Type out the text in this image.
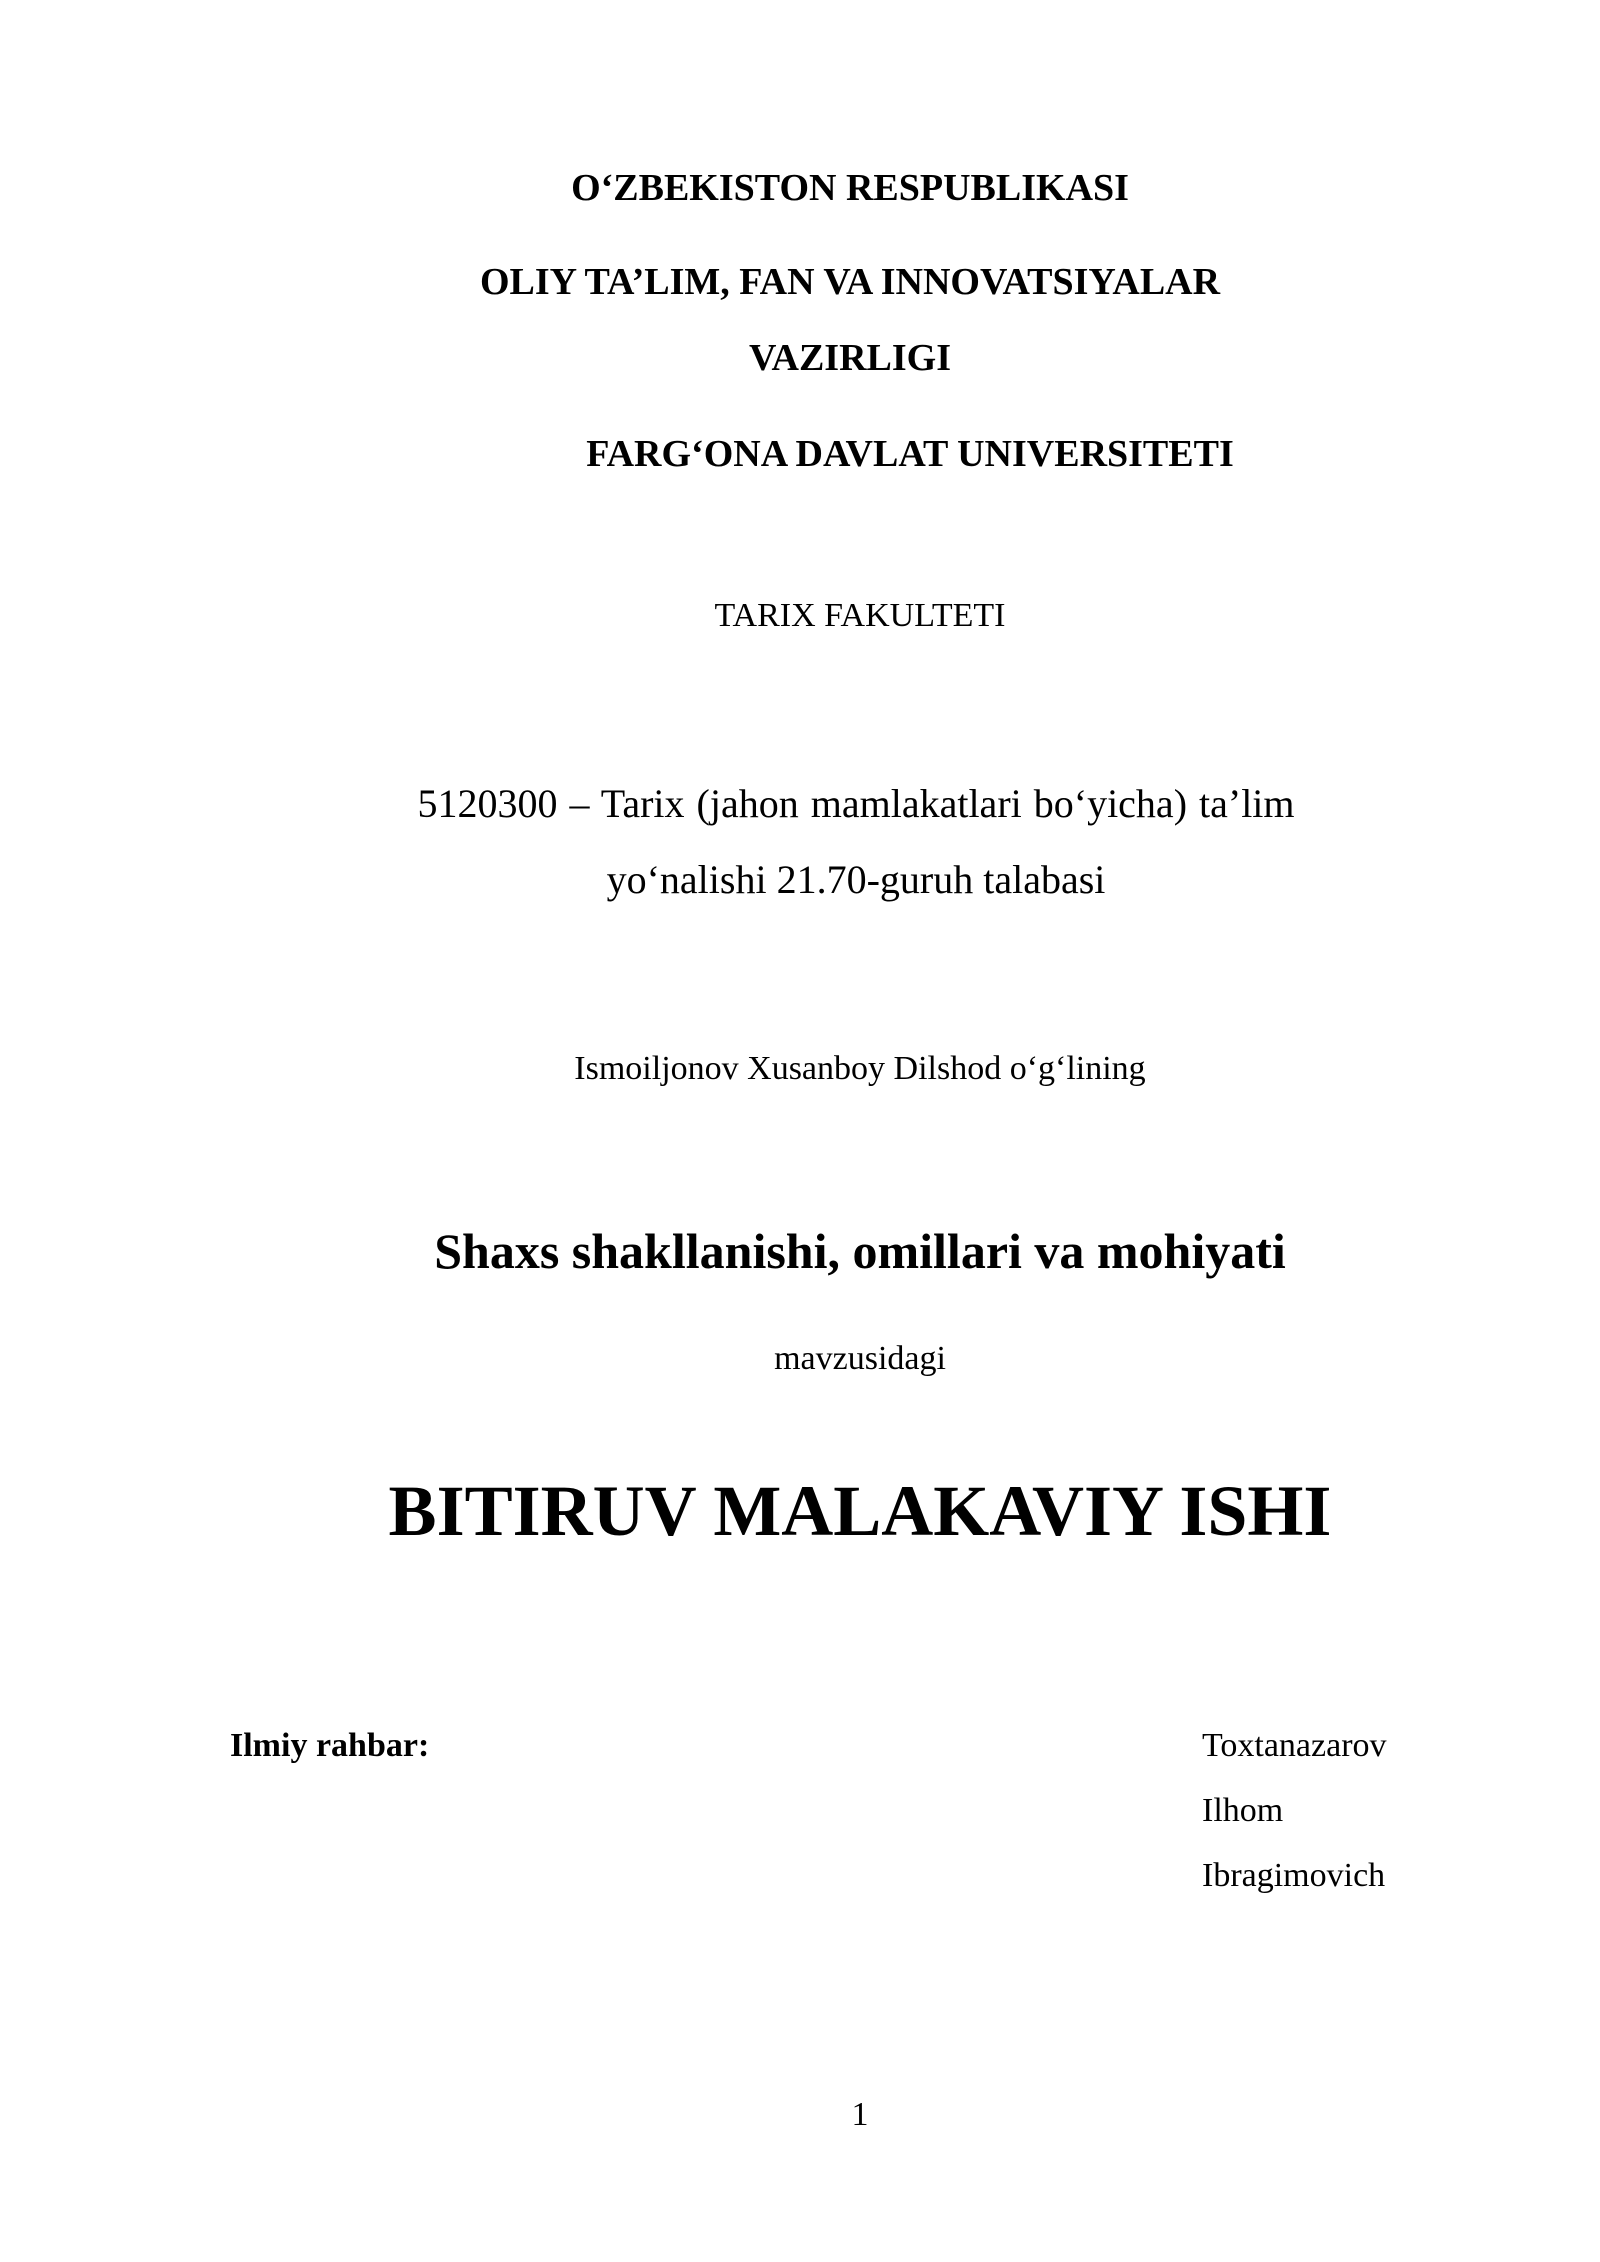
O‘ZBEKISTON RESPUBLIKASI
OLIY TA’LIM, FAN VA INNOVATSIYALAR
VAZIRLIGI
FARG‘ONA DAVLAT UNIVERSITETI
TARIX FAKULTETI
5120300 – Tarix (jahon mamlakatlari bo‘yicha) ta’lim
yo‘nalishi 21.70-guruh talabasi
Ismoiljonov Xusanboy Dilshod o‘g‘lining
Shaxs shakllanishi, omillari va mohiyati
mavzusidagi
BITIRUV MALAKAVIY ISHI
Ilmiy rahbar:	Toxtanazarov
Ilhom
Ibragimovich
1
